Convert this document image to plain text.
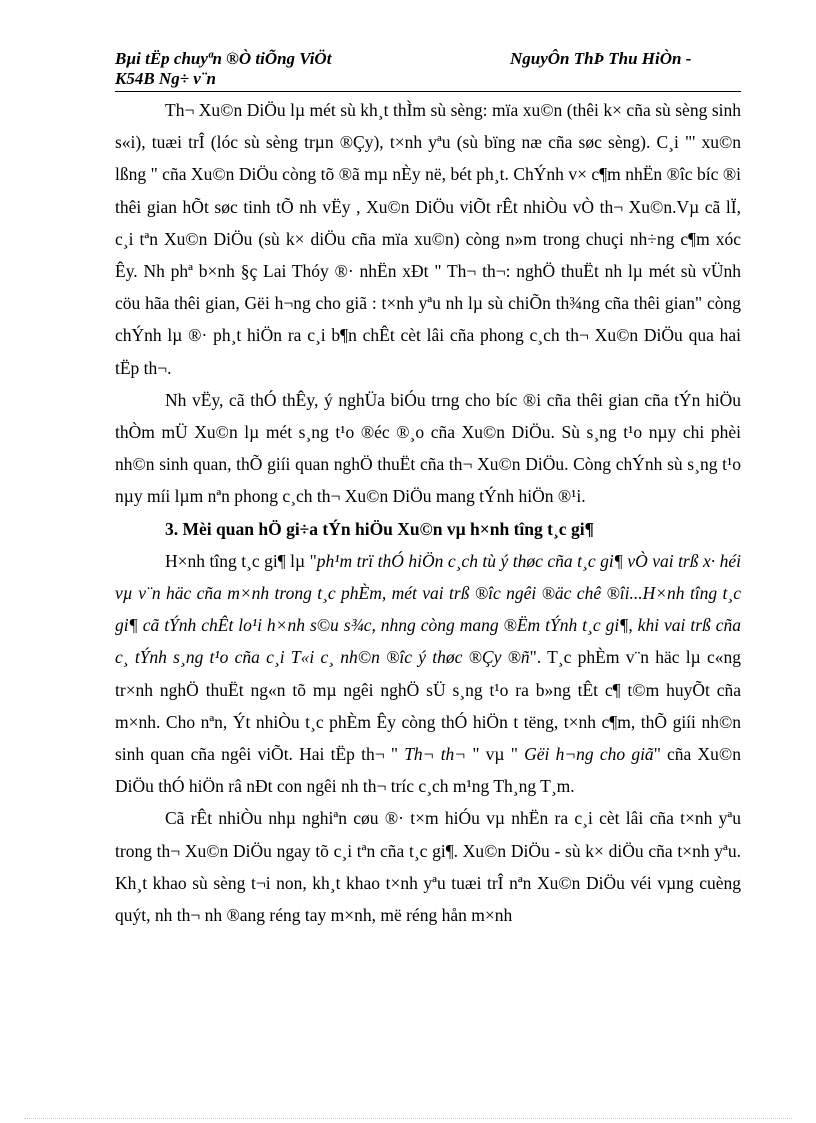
Bµi tËp chuyªn ®Ò tiÕng ViÖt	NguyÔn ThÞ Thu HiÒn -
K54B Ng÷ v¨n

Th¬ Xu©n DiÖu lµ mét sù kh¸t thÌm sù sèng: mïa xu©n (thêi k× cña sù sèng sinh s«i), tuæi trÎ (lóc sù sèng trµn ®Çy), t×nh yªu (sù bïng næ cña søc sèng). C¸i "' xu©n lßng " cña Xu©n DiÖu còng tõ ®ã mµ nÈy në, bét ph¸t. ChÝnh v× c¶m nhËn ®îc bíc ®i thêi gian hÕt søc tinh tÕ nh vËy , Xu©n DiÖu viÕt rÊt nhiÒu vÒ th¬ Xu©n.Vµ cã lÏ, c¸i tªn Xu©n DiÖu (sù k× diÖu cña mïa xu©n) còng n»m trong chuçi nh÷ng c¶m xóc Êy. Nh phª b×nh §ç Lai Thóy ®· nhËn xÐt " Th¬ th¬: nghÖ thuËt nh lµ mét sù vÜnh cöu hãa thêi gian, Gëi h¬ng cho giã : t×nh yªu nh lµ sù chiÕn th¾ng cña thêi gian" còng chÝnh lµ ®· ph¸t hiÖn ra c¸i b¶n chÊt cèt lâi cña phong c¸ch th¬ Xu©n DiÖu qua hai tËp th¬.

Nh vËy, cã thÓ thÊy, ý nghÜa biÓu trng cho bíc ®i cña thêi gian cña tÝn hiÖu thÒm mÜ Xu©n lµ mét s¸ng t¹o ®éc ®¸o cña Xu©n DiÖu. Sù s¸ng t¹o nµy chi phèi nh©n sinh quan, thÕ giíi quan nghÖ thuËt cña th¬ Xu©n DiÖu. Còng chÝnh sù s¸ng t¹o nµy míi lµm nªn phong c¸ch th¬ Xu©n DiÖu mang tÝnh hiÖn ®¹i.

3. Mèi quan hÖ gi÷a tÝn hiÖu Xu©n vµ h×nh tîng t¸c gi¶

H×nh tîng t¸c gi¶ lµ "ph¹m trï thÓ hiÖn c¸ch tù ý thøc cña t¸c gi¶ vÒ vai trß x· héi vµ v¨n häc cña m×nh trong t¸c phÈm, mét vai trß ®îc ngêi ®äc chê ®îi...H×nh tîng t¸c gi¶ cã tÝnh chÊt lo¹i h×nh s©u s¾c, nhng còng mang ®Ëm tÝnh t¸c gi¶, khi vai trß cña c¸ tÝnh s¸ng t¹o cña c¸i T«i c¸ nh©n ®îc ý thøc ®Çy ®ñ". T¸c phÈm v¨n häc lµ c«ng tr×nh nghÖ thuËt ng«n tõ mµ ngêi nghÖ sÜ s¸ng t¹o ra b»ng tÊt c¶ t©m huyÕt cña m×nh. Cho nªn, Ýt nhiÒu t¸c phÈm Êy còng thÓ hiÖn t tëng, t×nh c¶m, thÕ giíi nh©n sinh quan cña ngêi viÕt. Hai tËp th¬ " Th¬ th¬ " vµ " Gëi h¬ng cho giã" cña Xu©n DiÖu thÓ hiÖn râ nÐt con ngêi nh th¬ tríc c¸ch m¹ng Th¸ng T¸m.

Cã rÊt nhiÒu nhµ nghiªn cøu ®· t×m hiÓu vµ nhËn ra c¸i cèt lâi cña t×nh yªu trong th¬ Xu©n DiÖu ngay tõ c¸i tªn cña t¸c gi¶. Xu©n DiÖu - sù k× diÖu cña t×nh yªu. Kh¸t khao sù sèng t¬i non, kh¸t khao t×nh yªu tuæi trÎ nªn Xu©n DiÖu véi vµng cuèng quýt, nh th¬ nh ®ang réng tay m×nh, më réng hån m×nh
